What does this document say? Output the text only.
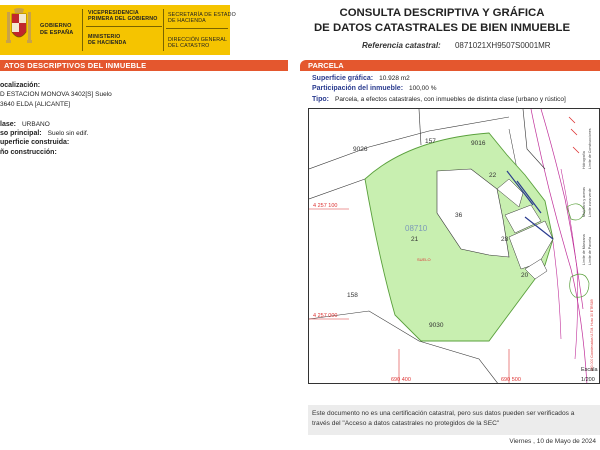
GOBIERNO
DE ESPAÑA
VICEPRESIDENCIA
PRIMERA DEL GOBIERNO
MINISTERIO
DE HACIENDA
SECRETARÍA DE ESTADO
DE HACIENDA
DIRECCIÓN GENERAL
DEL CATASTRO
CONSULTA DESCRIPTIVA Y GRÁFICA
DE DATOS CATASTRALES DE BIEN INMUEBLE
Referencia catastral: 0871021XH9507S0001MR
ATOS DESCRIPTIVOS DEL INMUEBLE
ocalización:
D ESTACION MONOVA 3402[S] Suelo
3640 ELDA [ALICANTE]
lase: URBANO
so principal: Suelo sin edif.
uperficie construida:
ño construcción:
PARCELA
Superficie gráfica: 10.928 m2
Participación del inmueble: 100,00 %
Tipo: Parcela, a efectos catastrales, con inmuebles de distinta clase [urbano y rústico]
157
9026
9016
22
36
21	28
20
158
9030
08710
SUELO
4 257 100
4 257 000
690 400	690 500
Hidrografía Límite de Construcciones
Mobiliario y aceras Límite zona verde
Límite de Manzana Límite de Parcela
690.000 Coordenadas U.T.M. Huso 30 ETRS89
Escala
1/200
Este documento no es una certificación catastral, pero sus datos pueden ser verificados a
través del "Acceso a datos catastrales no protegidos de la SEC"
Viernes , 10 de Mayo de 2024
